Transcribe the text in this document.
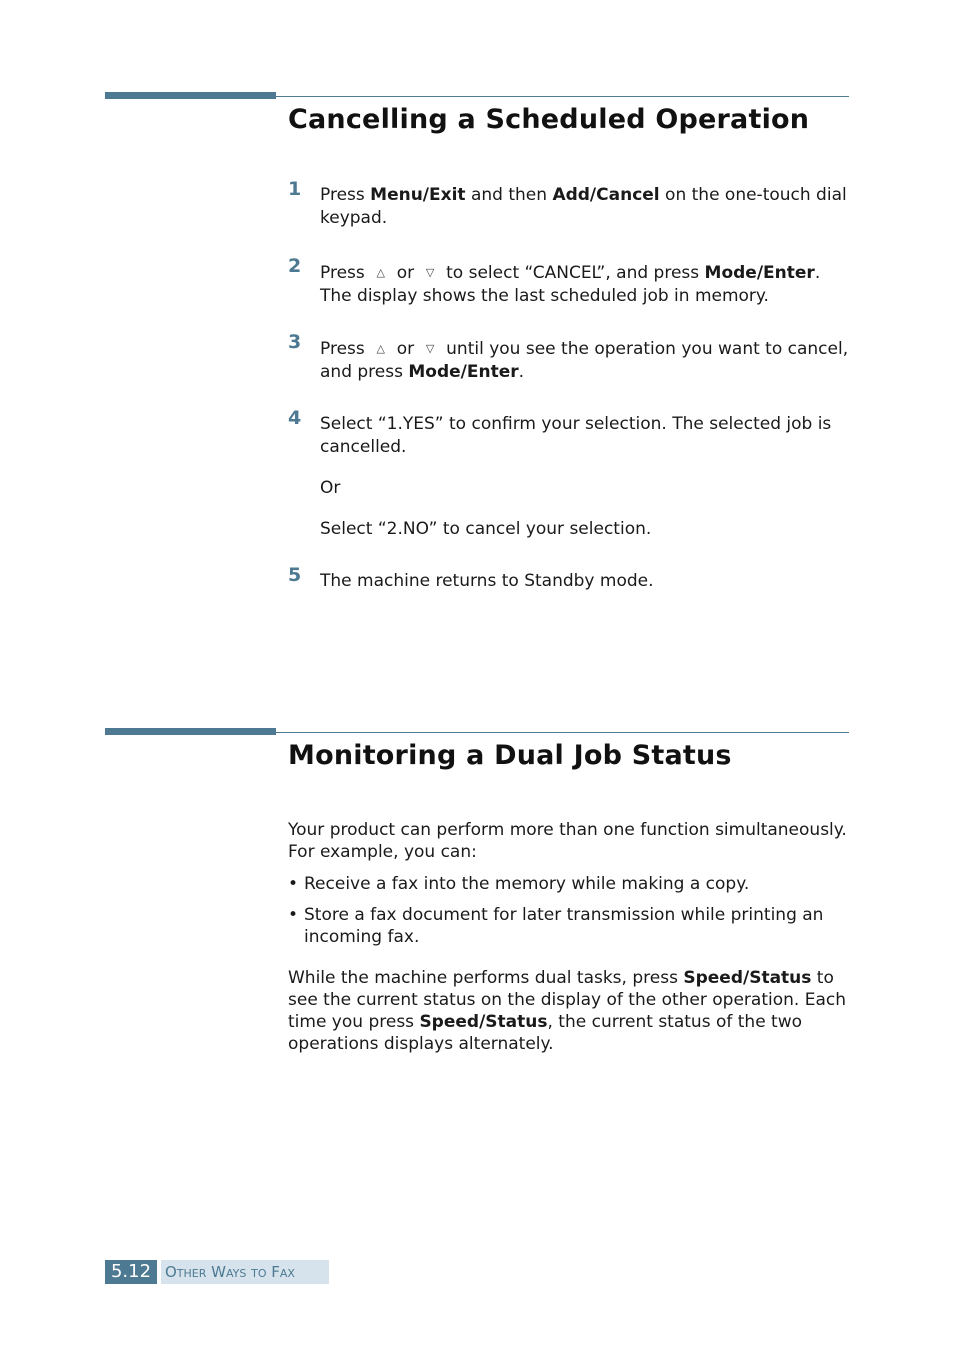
Cancelling a Scheduled Operation
1 Press Menu/Exit and then Add/Cancel on the one-touch dial keypad.
2 Press △ or ▽ to select “CANCEL”, and press Mode/Enter. The display shows the last scheduled job in memory.
3 Press △ or ▽ until you see the operation you want to cancel, and press Mode/Enter.
4 Select “1.YES” to confirm your selection. The selected job is cancelled.

Or

Select “2.NO” to cancel your selection.

5 The machine returns to Standby mode.

Monitoring a Dual Job Status

Your product can perform more than one function simultaneously. For example, you can:

• Receive a fax into the memory while making a copy.
• Store a fax document for later transmission while printing an incoming fax.

While the machine performs dual tasks, press Speed/Status to see the current status on the display of the other operation. Each time you press Speed/Status, the current status of the two operations displays alternately.

5.12 Other Ways to Fax
